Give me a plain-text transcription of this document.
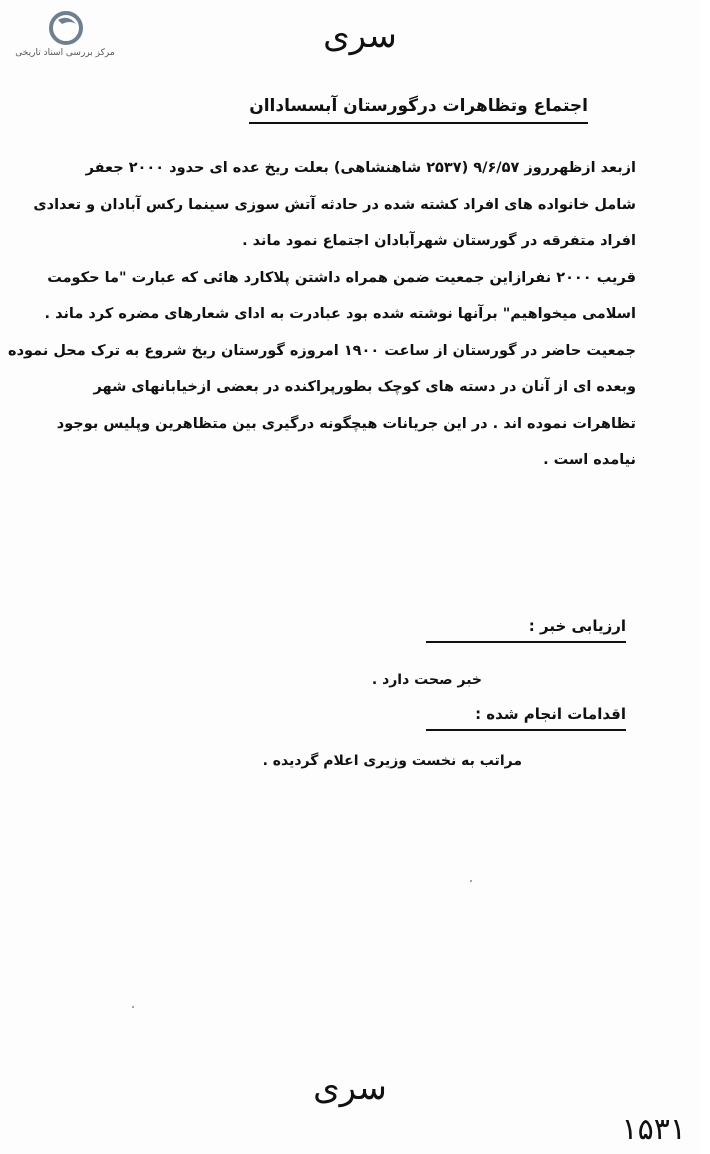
مرکز بررسی اسناد تاریخی	سری
اجتماع وتظاهرات درگورستان آبسساداان
ازبعد ازظهرروز ۹/۶/۵۷ (۲۵۳۷ شاهنشاهی) بعلت ریخ عده ای حدود ۲۰۰۰ جعفر
شامل خانواده های افراد کشته شده در حادثه آتش سوزی سینما رکس آبادان و تعدادی
افراد متفرقه در گورستان شهرآبادان اجتماع نمود ماند .
قریب ۲۰۰۰ نفرازاین جمعیت ضمن همراه داشتن پلاکارد هائی که عبارت "ما حکومت
اسلامی میخواهیم" برآنها نوشته شده بود عبادرت به ادای شعارهای مضره کرد ماند .
جمعیت حاضر در گورستان از ساعت ۱۹۰۰ امروزه گورستان ریخ شروع به ترک محل نموده
وبعده ای از آنان در دسته های کوچک بطورپراکنده در بعضی ازخیابانهای شهر
تظاهرات نموده اند . در این جریانات هیچگونه درگیری بین متظاهرین وپلیس بوجود
نیامده است .
ارزیابی خبر :
خبر صحت دارد .
اقدامات انجام شده :
مراتب به نخست وزیری اعلام گردیده .
سری
۱۵۳۱
